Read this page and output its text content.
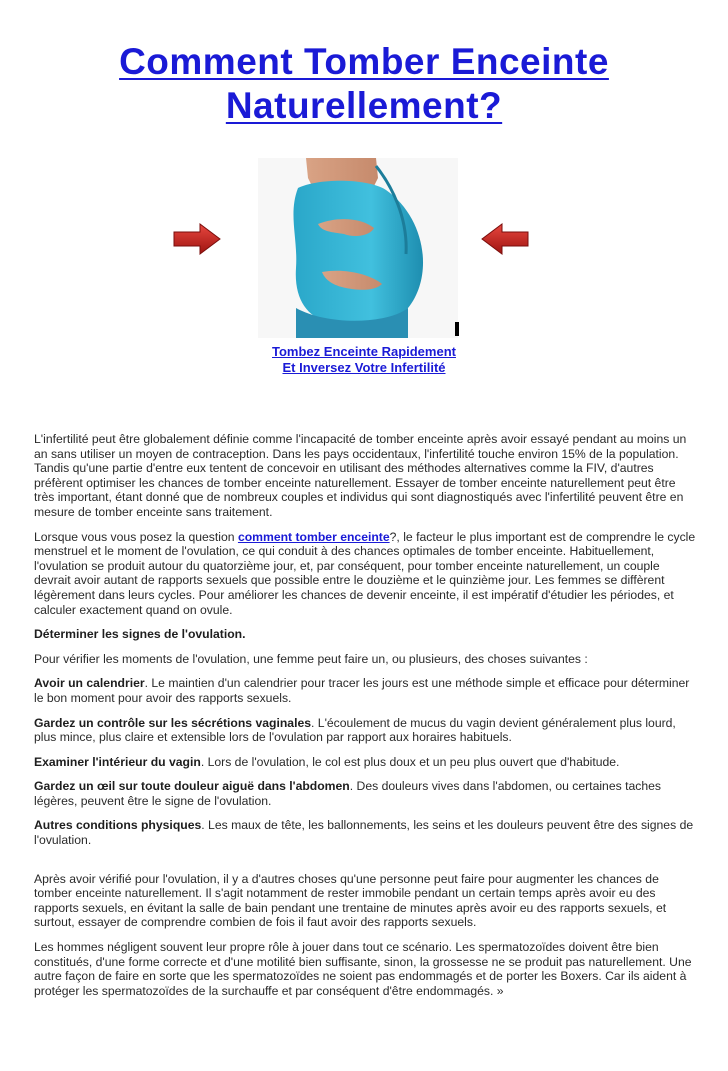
Comment Tomber Enceinte
Naturellement?
Tombez Enceinte Rapidement
Et Inversez Votre Infertilité

L'infertilité peut être globalement définie comme l'incapacité de tomber enceinte après avoir essayé pendant au moins un an sans utiliser un moyen de contraception. Dans les pays occidentaux, l'infertilité touche environ 15% de la population. Tandis qu'une partie d'entre eux tentent de concevoir en utilisant des méthodes alternatives comme la FIV, d'autres préfèrent optimiser les chances de tomber enceinte naturellement. Essayer de tomber enceinte naturellement peut être très important, étant donné que de nombreux couples et individus qui sont diagnostiqués avec l'infertilité peuvent être en mesure de tomber enceinte sans traitement.

Lorsque vous vous posez la question comment tomber enceinte?, le facteur le plus important est de comprendre le cycle menstruel et le moment de l'ovulation, ce qui conduit à des chances optimales de tomber enceinte. Habituellement, l'ovulation se produit autour du quatorzième jour, et, par conséquent, pour tomber enceinte naturellement, un couple devrait avoir autant de rapports sexuels que possible entre le douzième et le quinzième jour. Les femmes se diffèrent légèrement dans leurs cycles. Pour améliorer les chances de devenir enceinte, il est impératif d'étudier les périodes, et calculer exactement quand on ovule.

Déterminer les signes de l'ovulation.

Pour vérifier les moments de l'ovulation, une femme peut faire un, ou plusieurs, des choses suivantes :

Avoir un calendrier. Le maintien d'un calendrier pour tracer les jours est une méthode simple et efficace pour déterminer le bon moment pour avoir des rapports sexuels.

Gardez un contrôle sur les sécrétions vaginales. L'écoulement de mucus du vagin devient généralement plus lourd, plus mince, plus claire et extensible lors de l'ovulation par rapport aux horaires habituels.

Examiner l'intérieur du vagin. Lors de l'ovulation, le col est plus doux et un peu plus ouvert que d'habitude.

Gardez un œil sur toute douleur aiguë dans l'abdomen. Des douleurs vives dans l'abdomen, ou certaines taches légères, peuvent être le signe de l'ovulation.

Autres conditions physiques. Les maux de tête, les ballonnements, les seins et les douleurs peuvent être des signes de l'ovulation.

Après avoir vérifié pour l'ovulation, il y a d'autres choses qu'une personne peut faire pour augmenter les chances de tomber enceinte naturellement. Il s'agit notamment de rester immobile pendant un certain temps après avoir eu des rapports sexuels, en évitant la salle de bain pendant une trentaine de minutes après avoir eu des rapports sexuels, et surtout, essayer de comprendre combien de fois il faut avoir des rapports sexuels.

Les hommes négligent souvent leur propre rôle à jouer dans tout ce scénario. Les spermatozoïdes doivent être bien constitués, d'une forme correcte et d'une motilité bien suffisante, sinon, la grossesse ne se produit pas naturellement. Une autre façon de faire en sorte que les spermatozoïdes ne soient pas endommagés et de porter les Boxers. Car ils aident à protéger les spermatozoïdes de la surchauffe et par conséquent d'être endommagés. »
